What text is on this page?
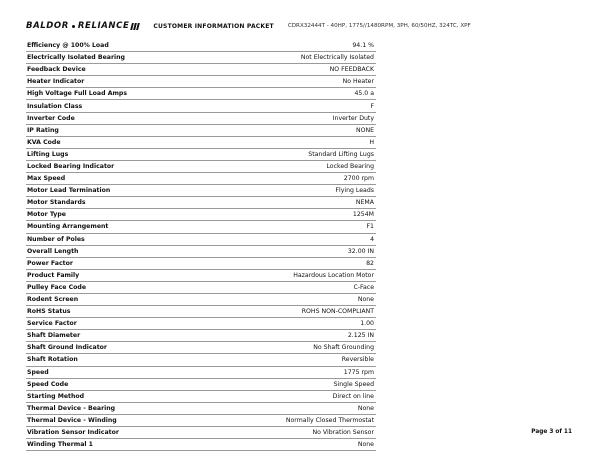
BALDOR RELIANCE	CUSTOMER INFORMATION PACKET	CDRX32444T - 40HP, 1775//1480RPM, 3PH, 60/50HZ, 324TC, XPF
Efficiency @ 100% Load	94.1 %
Electrically Isolated Bearing	Not Electrically Isolated
Feedback Device	NO FEEDBACK
Heater Indicator	No Heater
High Voltage Full Load Amps	45.0 a
Insulation Class	F
Inverter Code	Inverter Duty
IP Rating	NONE
KVA Code	H
Lifting Lugs	Standard Lifting Lugs
Locked Bearing Indicator	Locked Bearing
Max Speed	2700 rpm
Motor Lead Termination	Flying Leads
Motor Standards	NEMA
Motor Type	1254M
Mounting Arrangement	F1
Number of Poles	4
Overall Length	32.00 IN
Power Factor	82
Product Family	Hazardous Location Motor
Pulley Face Code	C-Face
Rodent Screen	None
RoHS Status	ROHS NON-COMPLIANT
Service Factor	1.00
Shaft Diameter	2.125 IN
Shaft Ground Indicator	No Shaft Grounding
Shaft Rotation	Reversible
Speed	1775 rpm
Speed Code	Single Speed
Starting Method	Direct on line
Thermal Device - Bearing	None
Thermal Device - Winding	Normally Closed Thermostat
Vibration Sensor Indicator	No Vibration Sensor
Winding Thermal 1	None
Page 3 of 11
